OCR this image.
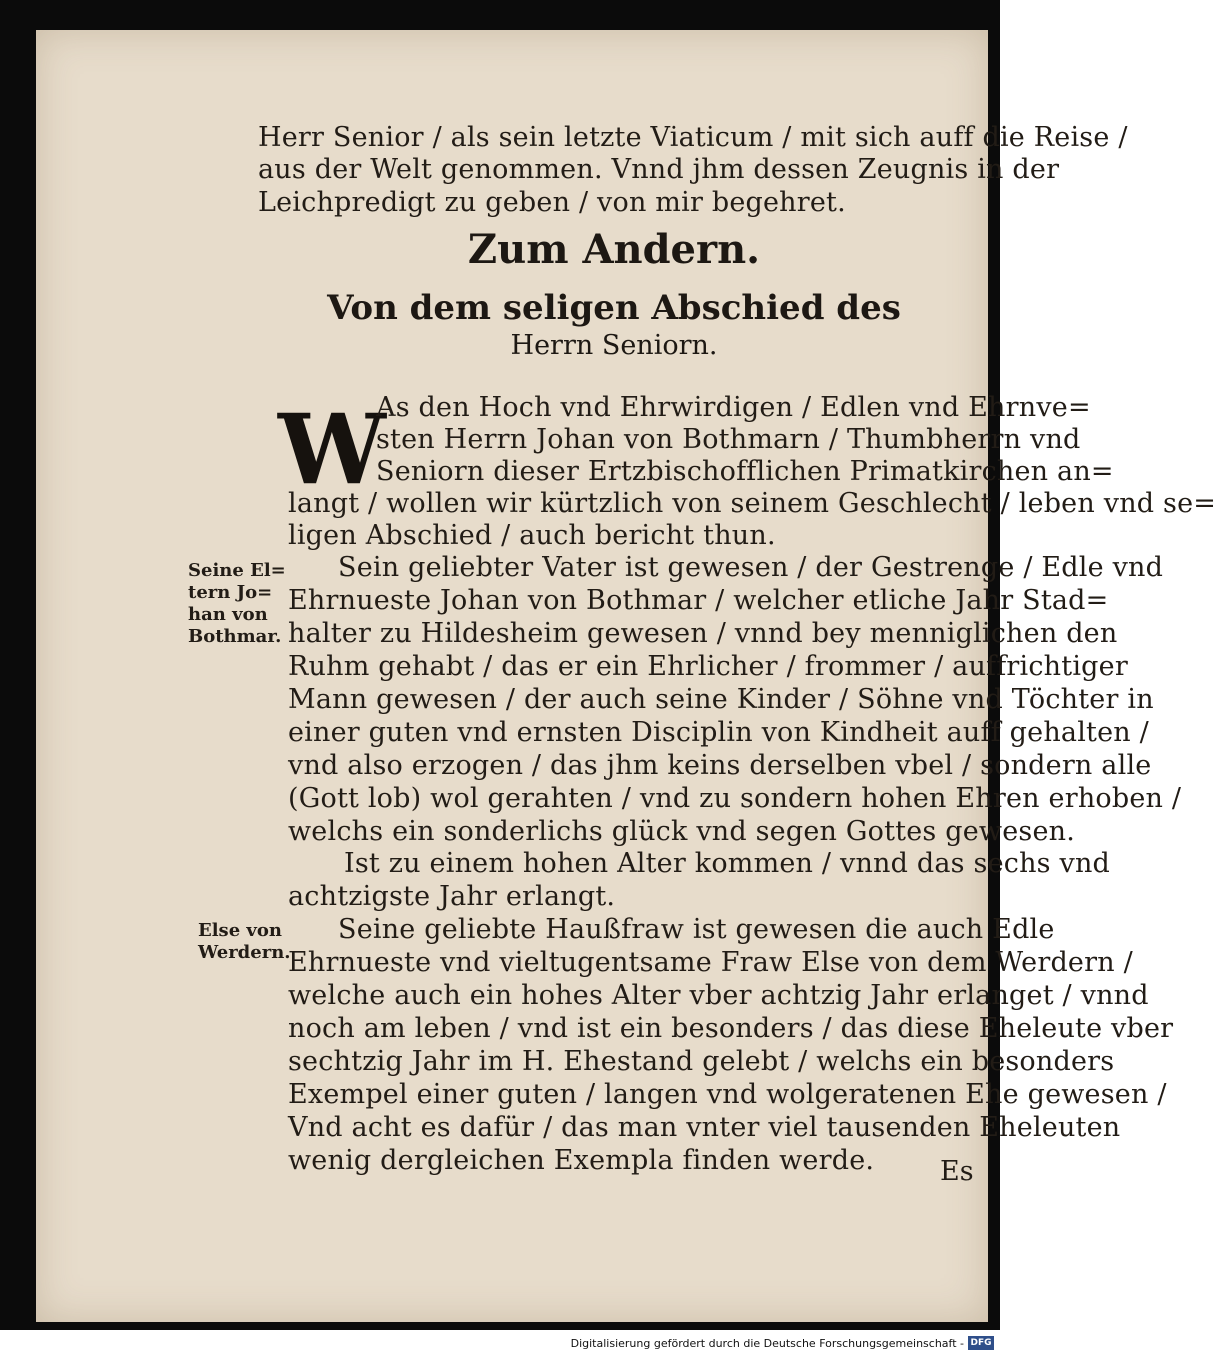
Herr Senior / als sein letzte Viaticum / mit sich auff die Reise /
aus der Welt genommen. Vnnd jhm dessen Zeugnis in der
Leichpredigt zu geben / von mir begehret.
Zum Andern.
Von dem seligen Abschied des
Herrn Seniorn.
W
As den Hoch vnd Ehrwirdigen / Edlen vnd Ehrnve=
sten Herrn Johan von Bothmarn / Thumbherrn vnd
Seniorn dieser Ertzbischofflichen Primatkirchen an=
langt / wollen wir kürtzlich von seinem Geschlecht / leben vnd se=
ligen Abschied / auch bericht thun.
Sein geliebter Vater ist gewesen / der Gestrenge / Edle vnd
Ehrnueste Johan von Bothmar / welcher etliche Jahr Stad=
halter zu Hildesheim gewesen / vnnd bey menniglichen den
Ruhm gehabt / das er ein Ehrlicher / frommer / auffrichtiger
Mann gewesen / der auch seine Kinder / Söhne vnd Töchter in
einer guten vnd ernsten Disciplin von Kindheit auff gehalten /
vnd also erzogen / das jhm keins derselben vbel / sondern alle
(Gott lob) wol gerahten / vnd zu sondern hohen Ehren erhoben /
welchs ein sonderlichs glück vnd segen Gottes gewesen.
Ist zu einem hohen Alter kommen / vnnd das sechs vnd
achtzigste Jahr erlangt.
Seine geliebte Haußfraw ist gewesen die auch Edle
Ehrnueste vnd vieltugentsame Fraw Else von dem Werdern /
welche auch ein hohes Alter vber achtzig Jahr erlanget / vnnd
noch am leben / vnd ist ein besonders / das diese Eheleute vber
sechtzig Jahr im H. Ehestand gelebt / welchs ein besonders
Exempel einer guten / langen vnd wolgeratenen Ehe gewesen /
Vnd acht es dafür / das man vnter viel tausenden Eheleuten
wenig dergleichen Exempla finden werde.
Seine El=
tern Jo=
han von
Bothmar.
Else von
Werdern.
Es
Digitalisierung gefördert durch die Deutsche Forschungsgemeinschaft - DFG
